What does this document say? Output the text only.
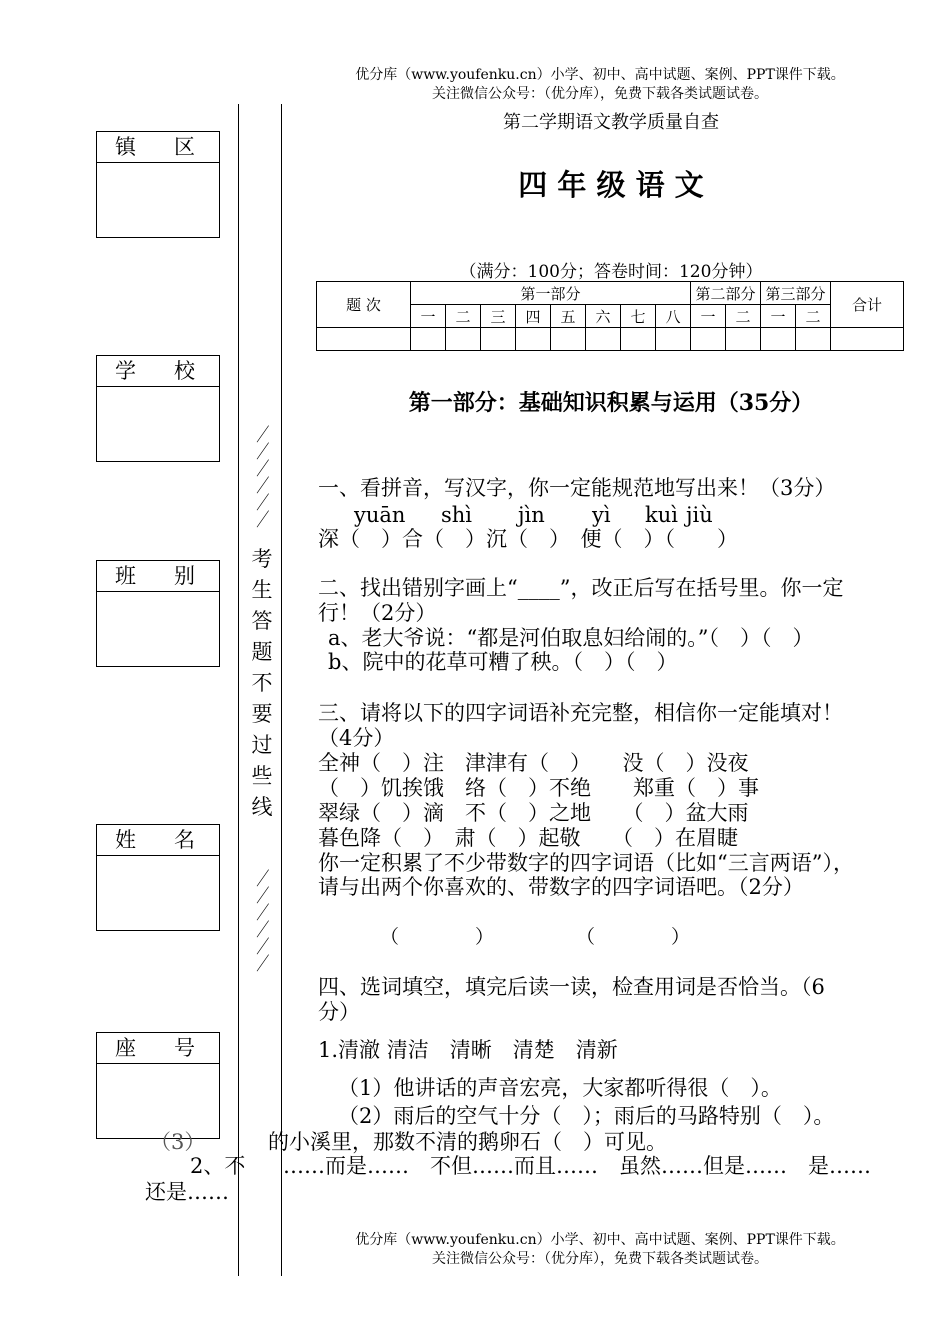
优分库（www.youfenku.cn）小学、初中、高中试题、案例、PPT课件下载。
关注微信公众号：（优分库），免费下载各类试题试卷。
第二学期语文教学质量自查
四 年 级 语 文
（满分：100分；答卷时间：120分钟）
镇 区
学 校
班 别
姓 名
座 号
／
／
／
／
／
／
考
生
答
题
不
要
过
些
线
／
／
／
／
／
／
题 次	第一部分								第二部分		第三部分		合计
	一	二	三	四	五	六	七	八	一	二	一	二	

第一部分：基础知识积累与运用（35分）
一、看拼音，写汉字，你一定能规范地写出来！（3分）
yuān shì jìn yì kuì jiù
深（　）合（　）沉（　）　便（　）（　　）
二、找出错别字画上“____”，改正后写在括号里。你一定
行！（2分）
a、老大爷说：“都是河伯取息妇给闹的。”（　）（　）
b、院中的花草可糟了秧。（　）（　）
三、请将以下的四字词语补充完整，相信你一定能填对！
（4分）
全神（　）注　津津有（　）　　没（　）没夜
（　）饥挨饿　络（　）不绝　　郑重（　）事
翠绿（　）滴　不（　）之地　　（　）盆大雨
暮色降（　）　肃（　）起敬　　（　）在眉睫
你一定积累了不少带数字的四字词语（比如“三言两语”），
请与出两个你喜欢的、带数字的四字词语吧。（2分）
（　　　　）	（　　　　）
四、选词填空，填完后读一读，检查用词是否恰当。（6
分）
1.清澈 清洁　清晰　清楚　清新
（1）他讲话的声音宏亮，大家都听得很（　）。
（2）雨后的空气十分（　）；雨后的马路特别（　）。
（3）	的小溪里，那数不清的鹅卵石（　）可见。
2、不 ……而是……　不但……而且……　虽然……但是……　是……
还是……
优分库（www.youfenku.cn）小学、初中、高中试题、案例、PPT课件下载。
关注微信公众号：（优分库），免费下载各类试题试卷。
